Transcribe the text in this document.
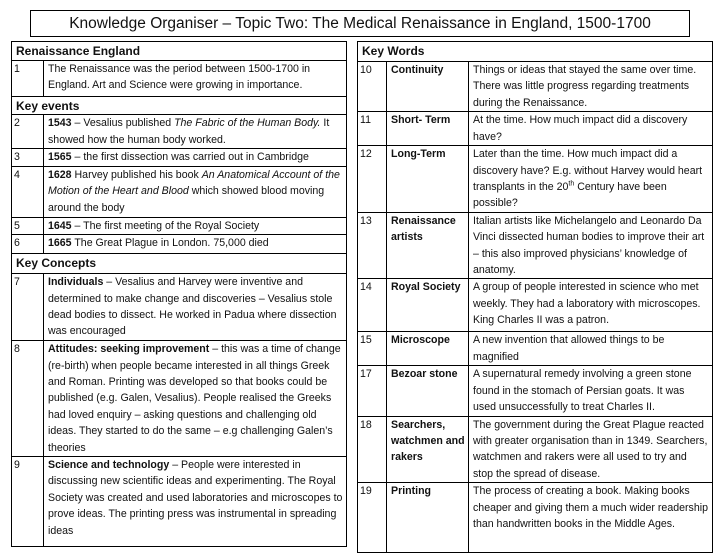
Knowledge Organiser – Topic Two: The Medical Renaissance in England, 1500-1700
Renaissance England	
1	The Renaissance was the period between 1500-1700 in England. Art and Science were growing in importance.
Key events	
2	1543 – Vesalius published The Fabric of the Human Body. It showed how the human body worked.
3	1565 – the first dissection was carried out in Cambridge
4	1628 Harvey published his book An Anatomical Account of the Motion of the Heart and Blood which showed blood moving around the body
5	1645 – The first meeting of the Royal Society
6	1665 The Great Plague in London. 75,000 died
Key Concepts	
7	Individuals – Vesalius and Harvey were inventive and determined to make change and discoveries – Vesalius stole dead bodies to dissect. He worked in Padua where dissection was encouraged
8	Attitudes: seeking improvement – this was a time of change (re-birth) when people became interested in all things Greek and Roman. Printing was developed so that books could be published (e.g. Galen, Vesalius). People realised the Greeks had loved enquiry – asking questions and challenging old ideas. They started to do the same – e.g challenging Galen’s theories
9	Science and technology – People were interested in discussing new scientific ideas and experimenting. The Royal Society was created and used laboratories and microscopes to prove ideas. The printing press was instrumental in spreading ideas
Key Words		
10	Continuity	Things or ideas that stayed the same over time. There was little progress regarding treatments during the Renaissance.
11	Short- Term	At the time. How much impact did a discovery have?
12	Long-Term	Later than the time. How much impact did a discovery have? E.g. without Harvey would heart transplants in the 20th Century have been possible?
13	Renaissance artists	Italian artists like Michelangelo and Leonardo Da Vinci dissected human bodies to improve their art – this also improved physicians’ knowledge of anatomy.
14	Royal Society	A group of people interested in science who met weekly. They had a laboratory with microscopes. King Charles II was a patron.
15	Microscope	A new invention that allowed things to be magnified
17	Bezoar stone	A supernatural remedy involving a green stone found in the stomach of Persian goats. It was used unsuccessfully to treat Charles II.
18	Searchers, watchmen and rakers	The government during the Great Plague reacted with greater organisation than in 1349. Searchers, watchmen and rakers were all used to try and stop the spread of disease.
19	Printing	The process of creating a book. Making books cheaper and giving them a much wider readership than handwritten books in the Middle Ages.
